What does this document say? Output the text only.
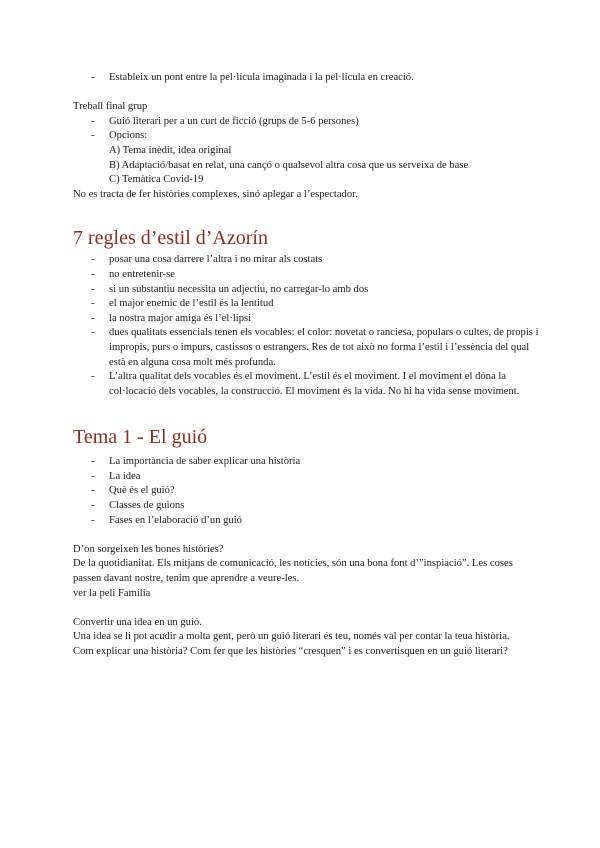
- Estableix un pont entre la pel·lícula imaginada i la pel·lícula en creació.

Treball final grup

- Guió literari per a un curt de ficció (grups de 5-6 persones)
- Opcions:

A) Tema inèdit, idea original

B) Adaptació/basat en relat, una cançó o qualsevol altra cosa que us serveixa de base

C) Temàtica Covid-19

No es tracta de fer històries complexes, sinó aplegar a l’espectador.

7 regles d’estil d’Azorín
- posar una cosa darrere l’altra i no mirar als costats
- no entretenir-se
- si un substantiu necessita un adjectiu, no carregar-lo amb dos
- el major enemic de l’estil és la lentitud
- la nostra major amiga és l’el·lipsi
- dues qualitats essencials tenen els vocables: el color: novetat o ranciesa, populars o cultes, de propis i impropis, purs o impurs, castissos o estrangers. Res de tot això no forma l’estil i l’essència del qual està en alguna cosa molt més profunda.
- L’altra qualitat dels vocables és el moviment. L’estil és el moviment. I el moviment el dóna la col·locació dels vocables, la construcció. El moviment és la vida. No hi ha vida sense moviment.
Tema 1 - El guió
- La importància de saber explicar una història
- La idea
- Què és el guió?
- Classes de guions
- Fases en l’elaboració d’un guió

D’on sorgeixen les bones històries?

De la quotidianitat. Els mitjans de comunicació, les notícies, són una bona font d’”inspiació”. Les coses passen davant nostre, tenim que aprendre a veure-les.

ver la peli Familia

Convertir una idea en un guió.

Una idea se li pot acudir a molta gent, però un guió literari és teu, només val per contar la teua història.

Com explicar una història? Com fer que les històries “cresquen” i es convertisquen en un guió literari?
